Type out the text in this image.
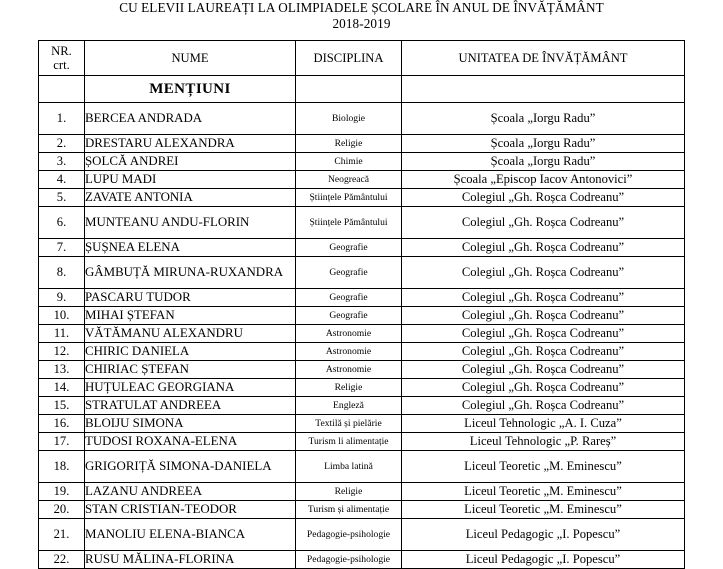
CU ELEVII LAUREAȚI LA OLIMPIADELE ȘCOLARE ÎN ANUL DE ÎNVĂȚĂMÂNT
2018-2019
NR.
crt.	NUME	DISCIPLINA	UNITATEA DE ÎNVĂȚĂMÂNT
	MENȚIUNI		
1.	BERCEA ANDRADA	Biologie	Școala „Iorgu Radu”
2.	DRESTARU ALEXANDRA	Religie	Școala „Iorgu Radu”
3.	ȘOLCĂ ANDREI	Chimie	Școala „Iorgu Radu”
4.	LUPU MADI	Neogreacă	Școala „Episcop Iacov Antonovici”
5.	ZAVATE ANTONIA	Științele Pământului	Colegiul „Gh. Roșca Codreanu”
6.	MUNTEANU ANDU-FLORIN	Științele Pământului	Colegiul „Gh. Roșca Codreanu”
7.	ȘUȘNEA ELENA	Geografie	Colegiul „Gh. Roșca Codreanu”
8.	GÂMBUȚĂ MIRUNA-RUXANDRA	Geografie	Colegiul „Gh. Roșca Codreanu”
9.	PASCARU TUDOR	Geografie	Colegiul „Gh. Roșca Codreanu”
10.	MIHAI ȘTEFAN	Geografie	Colegiul „Gh. Roșca Codreanu”
11.	VĂTĂMANU ALEXANDRU	Astronomie	Colegiul „Gh. Roșca Codreanu”
12.	CHIRIC DANIELA	Astronomie	Colegiul „Gh. Roșca Codreanu”
13.	CHIRIAC ȘTEFAN	Astronomie	Colegiul „Gh. Roșca Codreanu”
14.	HUȚULEAC GEORGIANA	Religie	Colegiul „Gh. Roșca Codreanu”
15.	STRATULAT ANDREEA	Engleză	Colegiul „Gh. Roșca Codreanu”
16.	BLOIJU SIMONA	Textilă și pielărie	Liceul Tehnologic „A. I. Cuza”
17.	TUDOSI ROXANA-ELENA	Turism li alimentație	Liceul Tehnologic „P. Rareș”
18.	GRIGORIȚĂ SIMONA-DANIELA	Limba latină	Liceul Teoretic „M. Eminescu”
19.	LAZANU ANDREEA	Religie	Liceul Teoretic „M. Eminescu”
20.	STAN CRISTIAN-TEODOR	Turism și alimentație	Liceul Teoretic „M. Eminescu”
21.	MANOLIU ELENA-BIANCA	Pedagogie-psihologie	Liceul Pedagogic „I. Popescu”
22.	RUSU MĂLINA-FLORINA	Pedagogie-psihologie	Liceul Pedagogic „I. Popescu”
